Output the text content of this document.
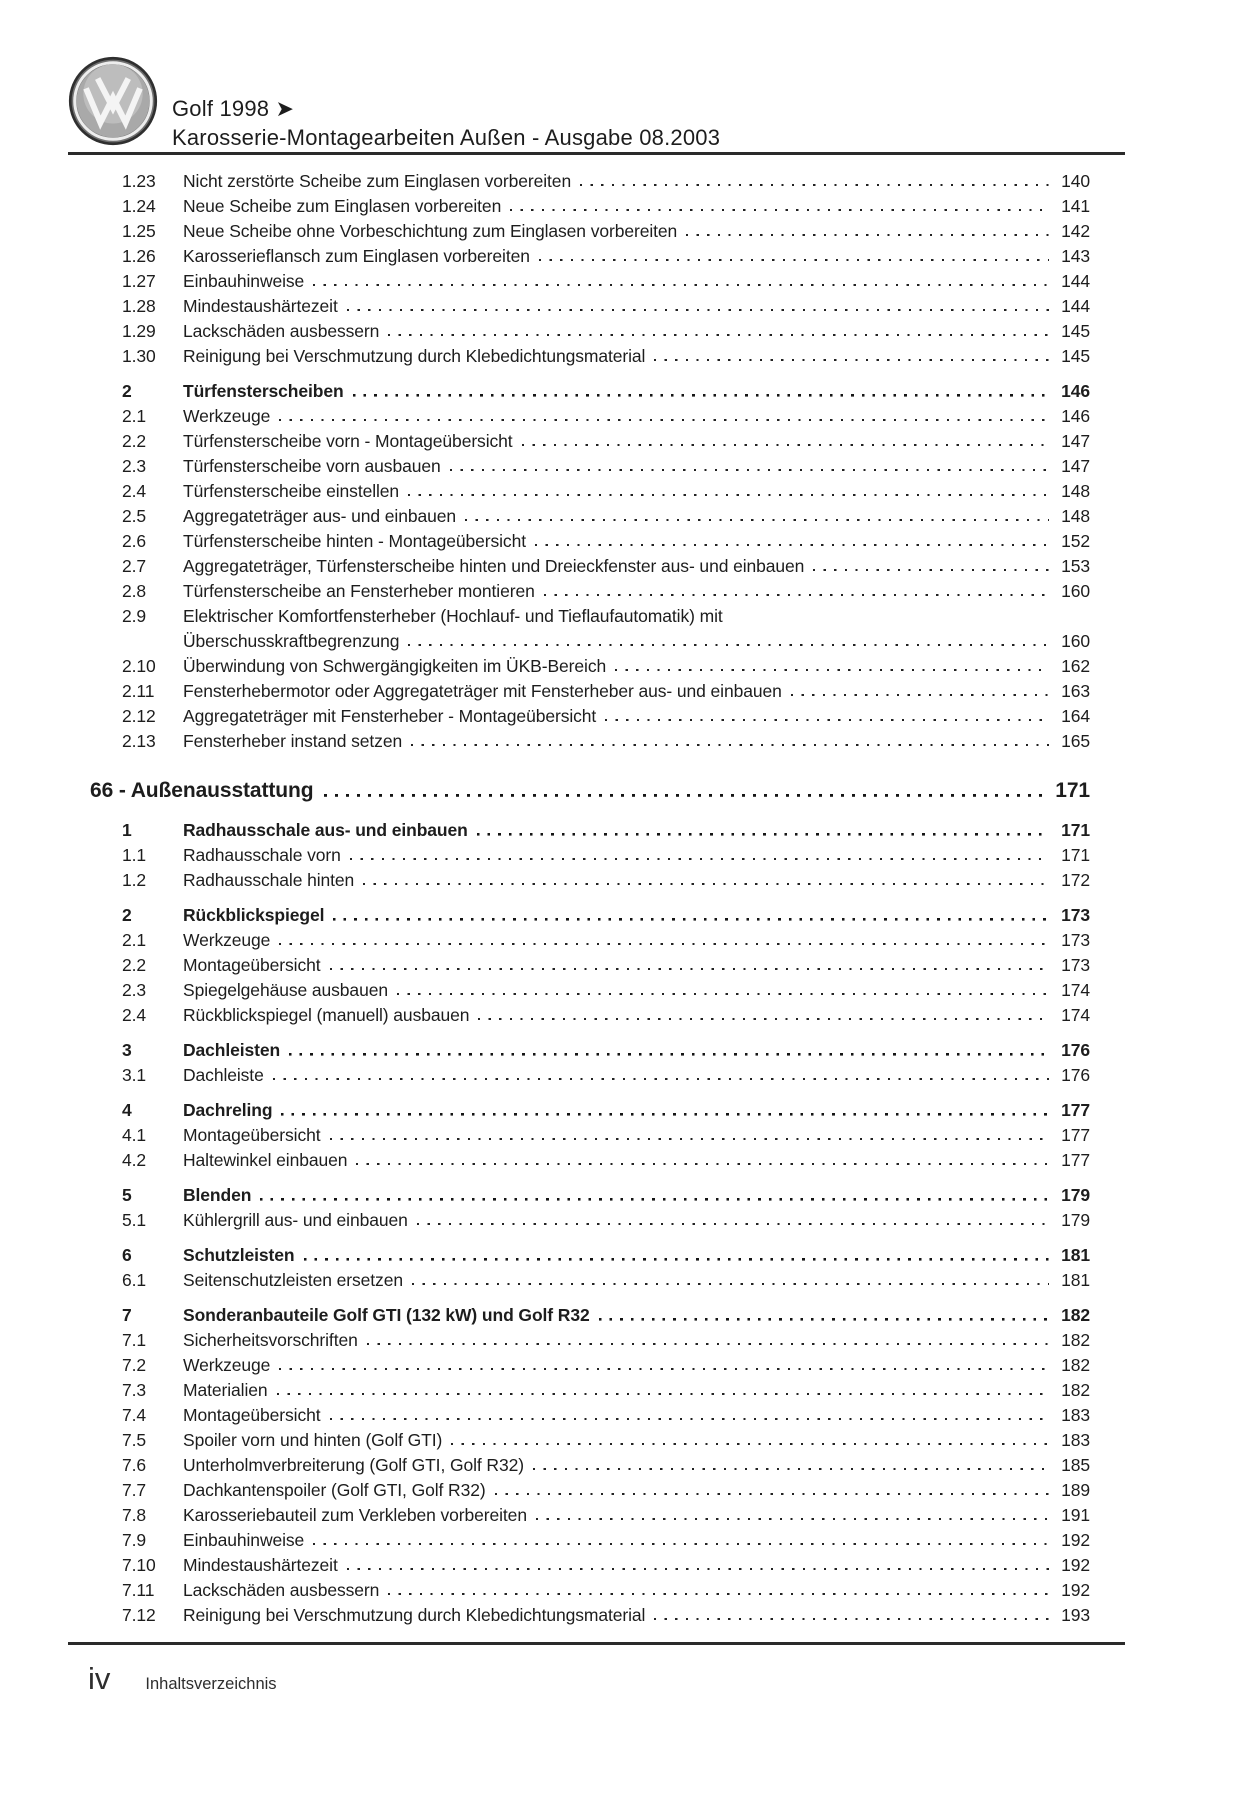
Golf 1998 ➤
Karosserie-Montagearbeiten Außen - Ausgabe 08.2003
1.23	Nicht zerstörte Scheibe zum Einglasen vorbereiten	140
1.24	Neue Scheibe zum Einglasen vorbereiten	141
1.25	Neue Scheibe ohne Vorbeschichtung zum Einglasen vorbereiten	142
1.26	Karosserieflansch zum Einglasen vorbereiten	143
1.27	Einbauhinweise	144
1.28	Mindestaushärtezeit	144
1.29	Lackschäden ausbessern	145
1.30	Reinigung bei Verschmutzung durch Klebedichtungsmaterial	145
2	Türfensterscheiben	146
2.1	Werkzeuge	146
2.2	Türfensterscheibe vorn - Montageübersicht	147
2.3	Türfensterscheibe vorn ausbauen	147
2.4	Türfensterscheibe einstellen	148
2.5	Aggregateträger aus- und einbauen	148
2.6	Türfensterscheibe hinten - Montageübersicht	152
2.7	Aggregateträger, Türfensterscheibe hinten und Dreieckfenster aus- und einbauen	153
2.8	Türfensterscheibe an Fensterheber montieren	160
2.9	Elektrischer Komfortfensterheber (Hochlauf- und Tieflaufautomatik) mit
Überschusskraftbegrenzung	160
2.10	Überwindung von Schwergängigkeiten im ÜKB-Bereich	162
2.11	Fensterhebermotor oder Aggregateträger mit Fensterheber aus- und einbauen	163
2.12	Aggregateträger mit Fensterheber - Montageübersicht	164
2.13	Fensterheber instand setzen	165
66 - Außenausstattung	171
1	Radhausschale aus- und einbauen	171
1.1	Radhausschale vorn	171
1.2	Radhausschale hinten	172
2	Rückblickspiegel	173
2.1	Werkzeuge	173
2.2	Montageübersicht	173
2.3	Spiegelgehäuse ausbauen	174
2.4	Rückblickspiegel (manuell) ausbauen	174
3	Dachleisten	176
3.1	Dachleiste	176
4	Dachreling	177
4.1	Montageübersicht	177
4.2	Haltewinkel einbauen	177
5	Blenden	179
5.1	Kühlergrill aus- und einbauen	179
6	Schutzleisten	181
6.1	Seitenschutzleisten ersetzen	181
7	Sonderanbauteile Golf GTI (132 kW) und Golf R32	182
7.1	Sicherheitsvorschriften	182
7.2	Werkzeuge	182
7.3	Materialien	182
7.4	Montageübersicht	183
7.5	Spoiler vorn und hinten (Golf GTI)	183
7.6	Unterholmverbreiterung (Golf GTI, Golf R32)	185
7.7	Dachkantenspoiler (Golf GTI, Golf R32)	189
7.8	Karosseriebauteil zum Verkleben vorbereiten	191
7.9	Einbauhinweise	192
7.10	Mindestaushärtezeit	192
7.11	Lackschäden ausbessern	192
7.12	Reinigung bei Verschmutzung durch Klebedichtungsmaterial	193
iv Inhaltsverzeichnis
